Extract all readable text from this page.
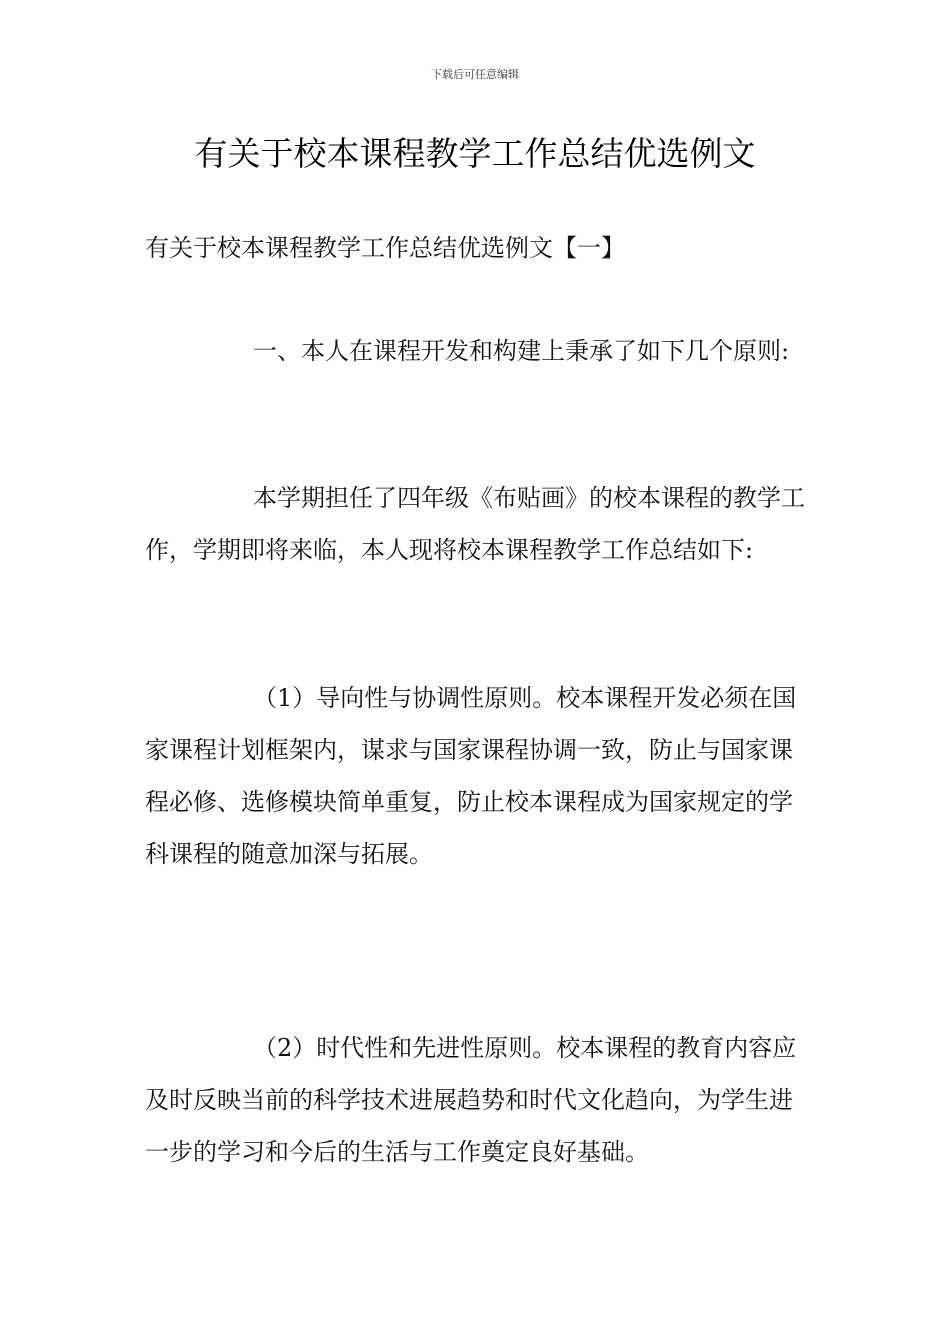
下载后可任意编辑
有关于校本课程教学工作总结优选例文

有关于校本课程教学工作总结优选例文【一】

一、本人在课程开发和构建上秉承了如下几个原则:

本学期担任了四年级《布贴画》的校本课程的教学工作，学期即将来临，本人现将校本课程教学工作总结如下:

（1）导向性与协调性原则。校本课程开发必须在国家课程计划框架内，谋求与国家课程协调一致，防止与国家课程必修、选修模块简单重复，防止校本课程成为国家规定的学科课程的随意加深与拓展。

（2）时代性和先进性原则。校本课程的教育内容应及时反映当前的科学技术进展趋势和时代文化趋向，为学生进一步的学习和今后的生活与工作奠定良好基础。
